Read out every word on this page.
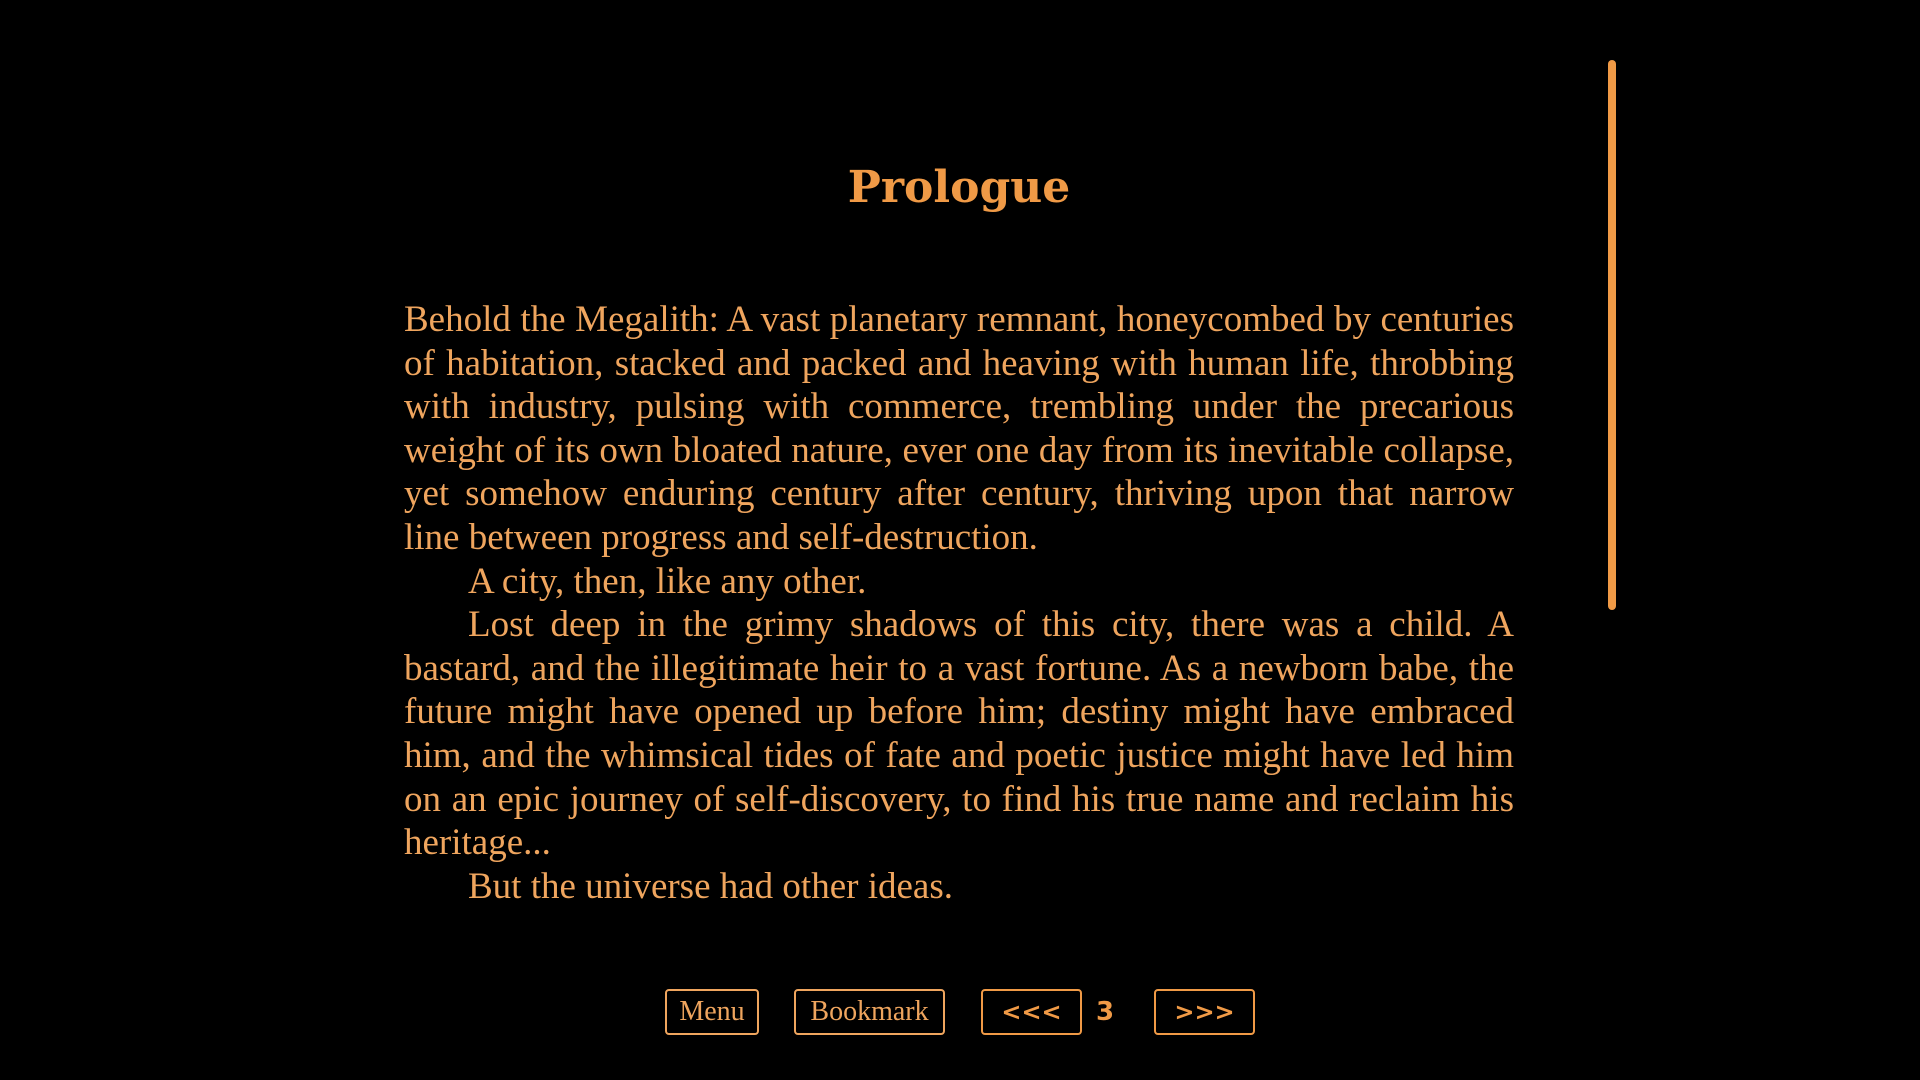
Prologue

Behold the Megalith: A vast planetary remnant, honeycombed by centuries of habitation, stacked and packed and heaving with human life, throbbing with industry, pulsing with commerce, trembling under the precarious weight of its own bloated nature, ever one day from its inevitable collapse, yet somehow enduring century after century, thriving upon that narrow line between progress and self-destruction.

A city, then, like any other.

Lost deep in the grimy shadows of this city, there was a child. A bastard, and the illegitimate heir to a vast fortune. As a newborn babe, the future might have opened up before him; destiny might have embraced him, and the whimsical tides of fate and poetic justice might have led him on an epic journey of self-discovery, to find his true name and reclaim his heritage...

But the universe had other ideas.

Menu	Bookmark	<<<	3	>>>
